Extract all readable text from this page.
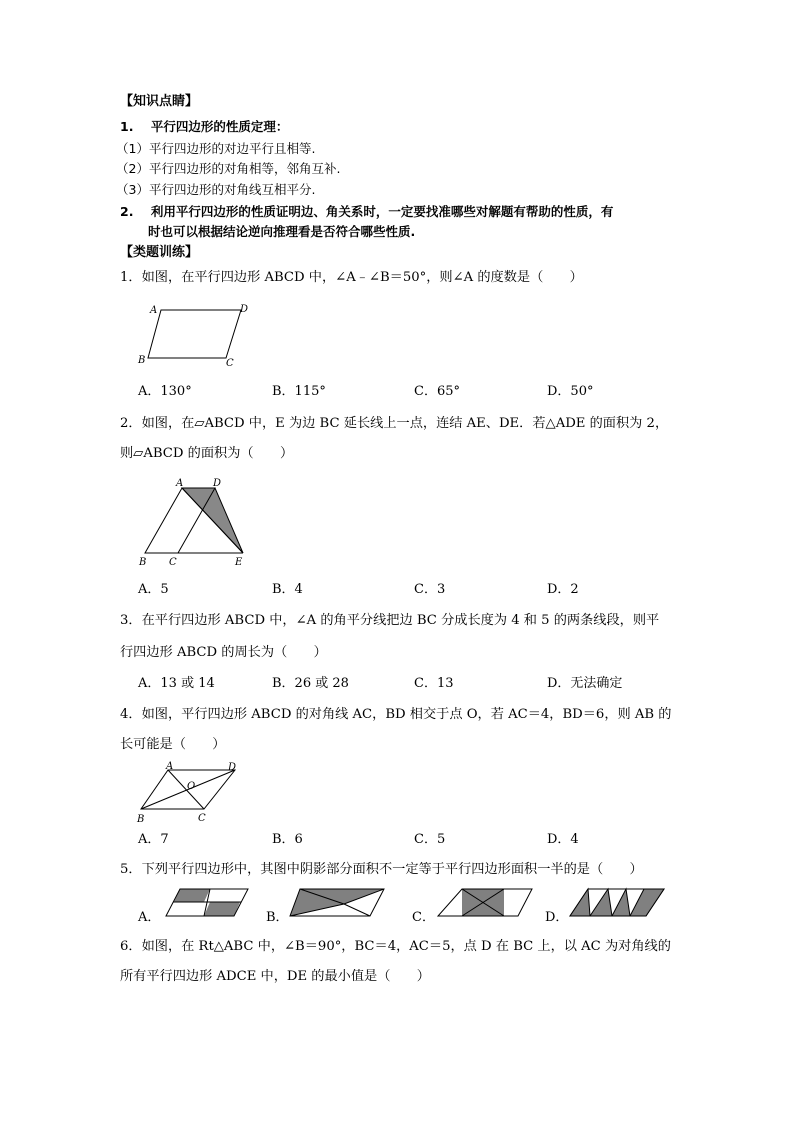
【知识点睛】
1. 平行四边形的性质定理：
（1）平行四边形的对边平行且相等.
（2）平行四边形的对角相等，邻角互补.
（3）平行四边形的对角线互相平分.
2. 利用平行四边形的性质证明边、角关系时，一定要找准哪些对解题有帮助的性质，有
时也可以根据结论逆向推理看是否符合哪些性质.
【类题训练】
1．如图，在平行四边形 ABCD 中，∠A﹣∠B＝50°，则∠A 的度数是（　　）
A	D
B	C
A．130°	B．115°	C．65°	D．50°
2．如图，在▱ABCD 中，E 为边 BC 延长线上一点，连结 AE、DE．若△ADE 的面积为 2，
则▱ABCD 的面积为（　　）
A	D
B C	E
A．5	B．4	C．3	D．2
3．在平行四边形 ABCD 中，∠A 的角平分线把边 BC 分成长度为 4 和 5 的两条线段，则平
行四边形 ABCD 的周长为（　　）
A．13 或 14	B．26 或 28	C．13	D．无法确定
4．如图，平行四边形 ABCD 的对角线 AC，BD 相交于点 O，若 AC＝4，BD＝6，则 AB 的
长可能是（　　）
A	D
O
B	C
A．7	B．6	C．5	D．4
5．下列平行四边形中，其图中阴影部分面积不一定等于平行四边形面积一半的是（　　）
A．	B．	C．	D．
6．如图，在 Rt△ABC 中，∠B＝90°，BC＝4，AC＝5，点 D 在 BC 上，以 AC 为对角线的
所有平行四边形 ADCE 中，DE 的最小值是（　　）
